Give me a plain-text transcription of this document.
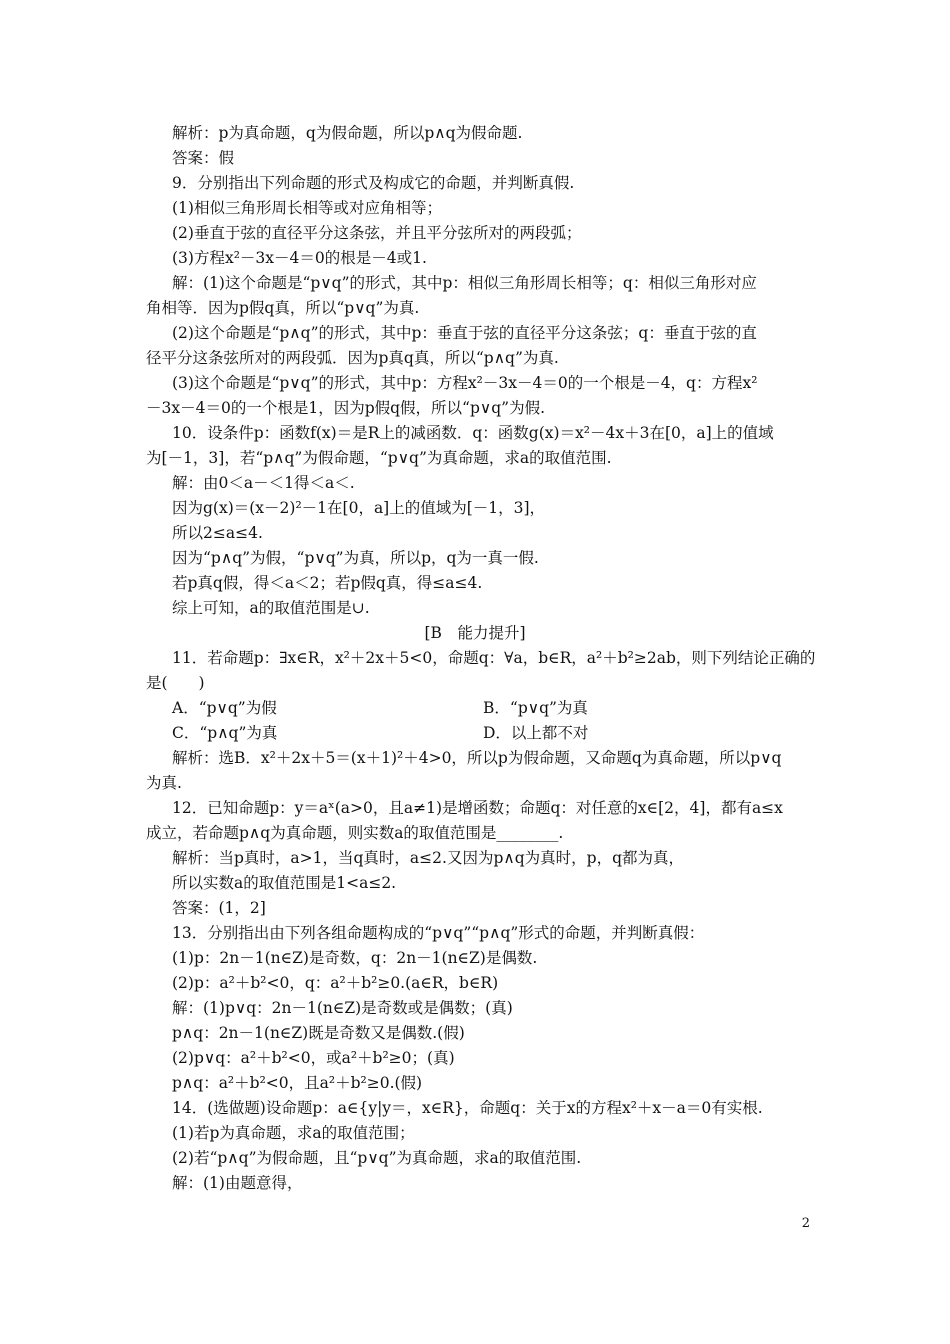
解析：p为真命题，q为假命题，所以p∧q为假命题.
答案：假
9．分别指出下列命题的形式及构成它的命题，并判断真假.
(1)相似三角形周长相等或对应角相等；
(2)垂直于弦的直径平分这条弦，并且平分弦所对的两段弧；
(3)方程x²－3x－4＝0的根是－4或1.
解：(1)这个命题是“p∨q”的形式，其中p：相似三角形周长相等；q：相似三角形对应
角相等．因为p假q真，所以“p∨q”为真.
(2)这个命题是“p∧q”的形式，其中p：垂直于弦的直径平分这条弦；q：垂直于弦的直
径平分这条弦所对的两段弧．因为p真q真，所以“p∧q”为真.
(3)这个命题是“p∨q”的形式，其中p：方程x²－3x－4＝0的一个根是－4，q：方程x²
－3x－4＝0的一个根是1，因为p假q假，所以“p∨q”为假.
10．设条件p：函数f(x)＝是R上的减函数．q：函数g(x)＝x²－4x＋3在[0，a]上的值域
为[－1，3]，若“p∧q”为假命题，“p∨q”为真命题，求a的取值范围.
解：由0＜a－＜1得＜a＜.
因为g(x)＝(x－2)²－1在[0，a]上的值域为[－1，3]，
所以2≤a≤4.
因为“p∧q”为假，“p∨q”为真，所以p，q为一真一假.
若p真q假，得＜a＜2；若p假q真，得≤a≤4.
综上可知，a的取值范围是∪.
[B　能力提升]
11．若命题p：∃x∈R，x²＋2x＋5<0，命题q：∀a，b∈R，a²＋b²≥2ab，则下列结论正确的
是(　　)
A．“p∨q”为假	B．“p∨q”为真
C．“p∧q”为真	D．以上都不对
解析：选B．x²＋2x＋5＝(x＋1)²＋4>0，所以p为假命题，又命题q为真命题，所以p∨q
为真.
12．已知命题p：y＝aˣ(a>0，且a≠1)是增函数；命题q：对任意的x∈[2，4]，都有a≤x
成立，若命题p∧q为真命题，则实数a的取值范围是________.
解析：当p真时，a>1，当q真时，a≤2.又因为p∧q为真时，p，q都为真，
所以实数a的取值范围是1<a≤2.
答案：(1，2]
13．分别指出由下列各组命题构成的“p∨q”“p∧q”形式的命题，并判断真假：
(1)p：2n－1(n∈Z)是奇数，q：2n－1(n∈Z)是偶数.
(2)p：a²＋b²<0，q：a²＋b²≥0.(a∈R，b∈R)
解：(1)p∨q：2n－1(n∈Z)是奇数或是偶数；(真)
p∧q：2n－1(n∈Z)既是奇数又是偶数.(假)
(2)p∨q：a²＋b²<0，或a²＋b²≥0；(真)
p∧q：a²＋b²<0，且a²＋b²≥0.(假)
14．(选做题)设命题p：a∈{y|y＝，x∈R}，命题q：关于x的方程x²＋x－a＝0有实根.
(1)若p为真命题，求a的取值范围；
(2)若“p∧q”为假命题，且“p∨q”为真命题，求a的取值范围.
解：(1)由题意得，
2
